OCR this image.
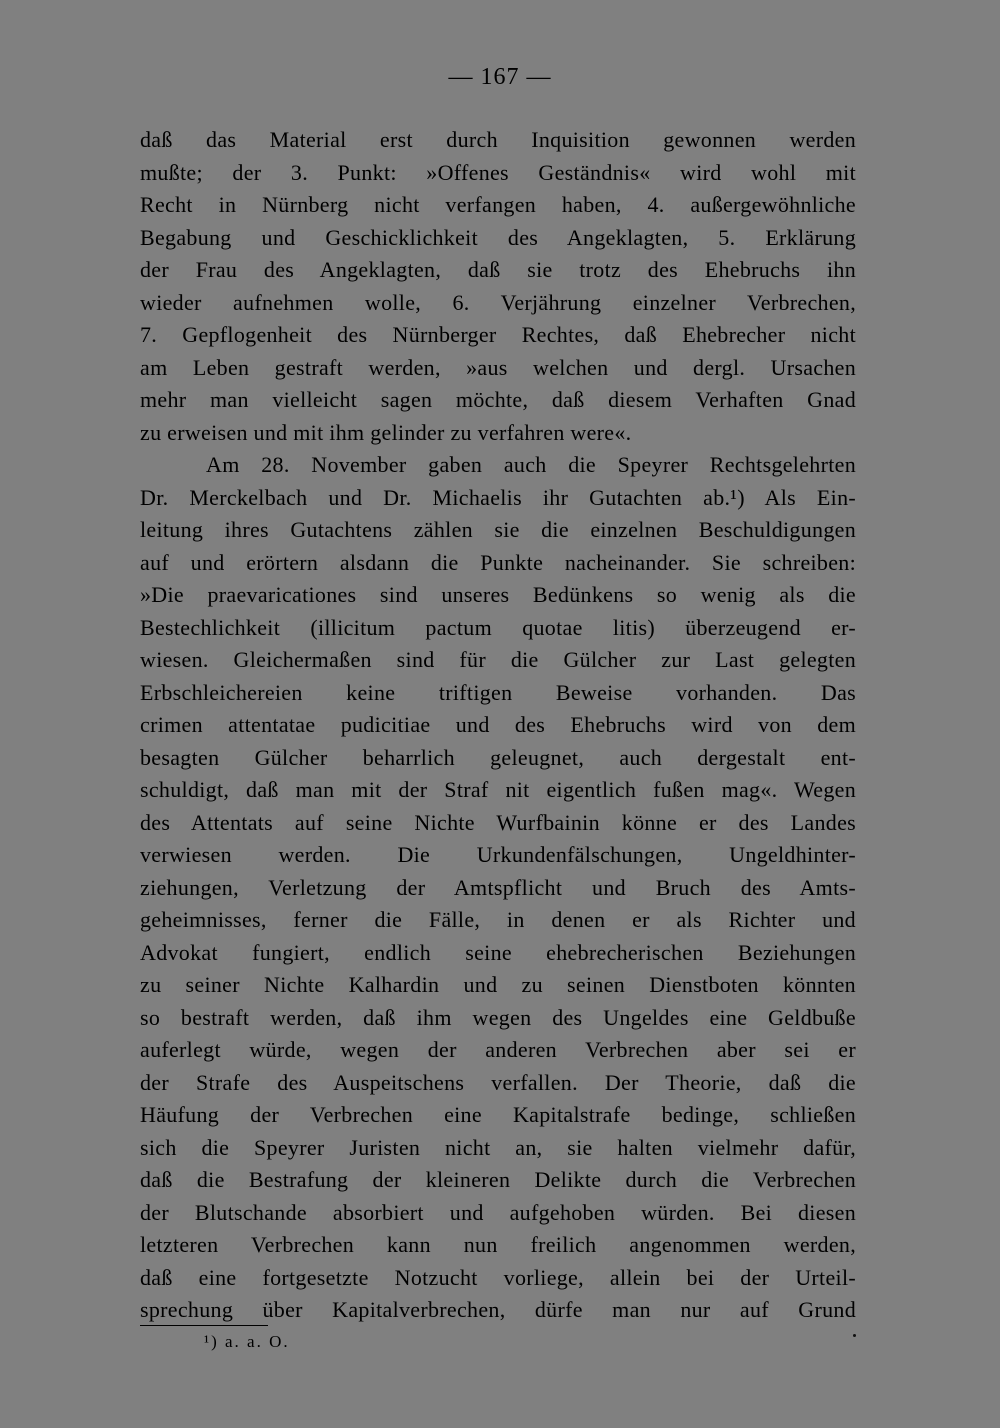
— 167 —
daß das Material erst durch Inquisition gewonnen werden
mußte; der 3. Punkt: »Offenes Geständnis« wird wohl mit
Recht in Nürnberg nicht verfangen haben, 4. außergewöhnliche
Begabung und Geschicklichkeit des Angeklagten, 5. Erklärung
der Frau des Angeklagten, daß sie trotz des Ehebruchs ihn
wieder aufnehmen wolle, 6. Verjährung einzelner Verbrechen,
7. Gepflogenheit des Nürnberger Rechtes, daß Ehebrecher nicht
am Leben gestraft werden, »aus welchen und dergl. Ursachen
mehr man vielleicht sagen möchte, daß diesem Verhaften Gnad
zu erweisen und mit ihm gelinder zu verfahren were«.
Am 28. November gaben auch die Speyrer Rechtsgelehrten
Dr. Merckelbach und Dr. Michaelis ihr Gutachten ab.¹) Als Ein-
leitung ihres Gutachtens zählen sie die einzelnen Beschuldigungen
auf und erörtern alsdann die Punkte nacheinander. Sie schreiben:
»Die praevaricationes sind unseres Bedünkens so wenig als die
Bestechlichkeit (illicitum pactum quotae litis) überzeugend er-
wiesen. Gleichermaßen sind für die Gülcher zur Last gelegten
Erbschleichereien keine triftigen Beweise vorhanden. Das
crimen attentatae pudicitiae und des Ehebruchs wird von dem
besagten Gülcher beharrlich geleugnet, auch dergestalt ent-
schuldigt, daß man mit der Straf nit eigentlich fußen mag«. Wegen
des Attentats auf seine Nichte Wurfbainin könne er des Landes
verwiesen werden. Die Urkundenfälschungen, Ungeldhinter-
ziehungen, Verletzung der Amtspflicht und Bruch des Amts-
geheimnisses, ferner die Fälle, in denen er als Richter und
Advokat fungiert, endlich seine ehebrecherischen Beziehungen
zu seiner Nichte Kalhardin und zu seinen Dienstboten könnten
so bestraft werden, daß ihm wegen des Ungeldes eine Geldbuße
auferlegt würde, wegen der anderen Verbrechen aber sei er
der Strafe des Auspeitschens verfallen. Der Theorie, daß die
Häufung der Verbrechen eine Kapitalstrafe bedinge, schließen
sich die Speyrer Juristen nicht an, sie halten vielmehr dafür,
daß die Bestrafung der kleineren Delikte durch die Verbrechen
der Blutschande absorbiert und aufgehoben würden. Bei diesen
letzteren Verbrechen kann nun freilich angenommen werden,
daß eine fortgesetzte Notzucht vorliege, allein bei der Urteil-
sprechung über Kapitalverbrechen, dürfe man nur auf Grund
¹) a. a. O.
